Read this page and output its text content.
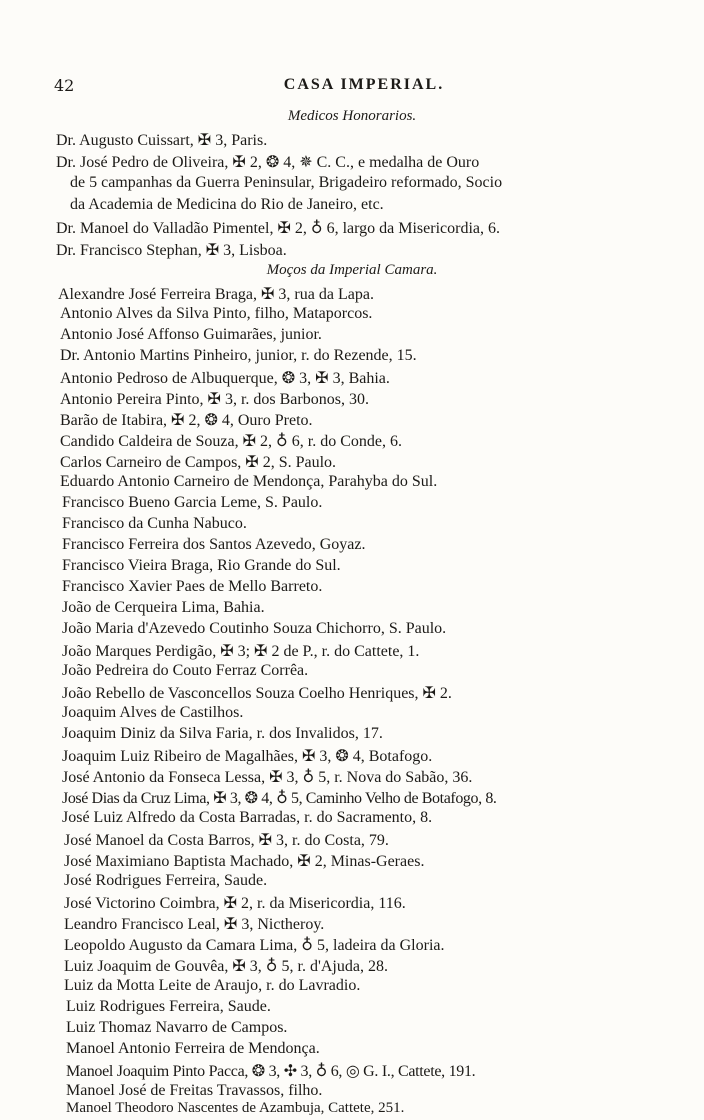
42	CASA IMPERIAL.
Medicos Honorarios.
Dr. Augusto Cuissart, ✠ 3, Paris.
Dr. José Pedro de Oliveira, ✠ 2, ❂ 4, ✵ C. C., e medalha de Ouro
de 5 campanhas da Guerra Peninsular, Brigadeiro reformado, Socio
da Academia de Medicina do Rio de Janeiro, etc.
Dr. Manoel do Valladão Pimentel, ✠ 2, ♁ 6, largo da Misericordia, 6.
Dr. Francisco Stephan, ✠ 3, Lisboa.
Moços da Imperial Camara.
Alexandre José Ferreira Braga, ✠ 3, rua da Lapa.
Antonio Alves da Silva Pinto, filho, Mataporcos.
Antonio José Affonso Guimarães, junior.
Dr. Antonio Martins Pinheiro, junior, r. do Rezende, 15.
Antonio Pedroso de Albuquerque, ❂ 3, ✠ 3, Bahia.
Antonio Pereira Pinto, ✠ 3, r. dos Barbonos, 30.
Barão de Itabira, ✠ 2, ❂ 4, Ouro Preto.
Candido Caldeira de Souza, ✠ 2, ♁ 6, r. do Conde, 6.
Carlos Carneiro de Campos, ✠ 2, S. Paulo.
Eduardo Antonio Carneiro de Mendonça, Parahyba do Sul.
Francisco Bueno Garcia Leme, S. Paulo.
Francisco da Cunha Nabuco.
Francisco Ferreira dos Santos Azevedo, Goyaz.
Francisco Vieira Braga, Rio Grande do Sul.
Francisco Xavier Paes de Mello Barreto.
João de Cerqueira Lima, Bahia.
João Maria d'Azevedo Coutinho Souza Chichorro, S. Paulo.
João Marques Perdigão, ✠ 3; ✠ 2 de P., r. do Cattete, 1.
João Pedreira do Couto Ferraz Corrêa.
João Rebello de Vasconcellos Souza Coelho Henriques, ✠ 2.
Joaquim Alves de Castilhos.
Joaquim Diniz da Silva Faria, r. dos Invalidos, 17.
Joaquim Luiz Ribeiro de Magalhães, ✠ 3, ❂ 4, Botafogo.
José Antonio da Fonseca Lessa, ✠ 3, ♁ 5, r. Nova do Sabão, 36.
José Dias da Cruz Lima, ✠ 3, ❂ 4, ♁ 5, Caminho Velho de Botafogo, 8.
José Luiz Alfredo da Costa Barradas, r. do Sacramento, 8.
José Manoel da Costa Barros, ✠ 3, r. do Costa, 79.
José Maximiano Baptista Machado, ✠ 2, Minas-Geraes.
José Rodrigues Ferreira, Saude.
José Victorino Coimbra, ✠ 2, r. da Misericordia, 116.
Leandro Francisco Leal, ✠ 3, Nictheroy.
Leopoldo Augusto da Camara Lima, ♁ 5, ladeira da Gloria.
Luiz Joaquim de Gouvêa, ✠ 3, ♁ 5, r. d'Ajuda, 28.
Luiz da Motta Leite de Araujo, r. do Lavradio.
Luiz Rodrigues Ferreira, Saude.
Luiz Thomaz Navarro de Campos.
Manoel Antonio Ferreira de Mendonça.
Manoel Joaquim Pinto Pacca, ❂ 3, ✣ 3, ♁ 6, ◎ G. I., Cattete, 191.
Manoel José de Freitas Travassos, filho.
Manoel Theodoro Nascentes de Azambuja, Cattete, 251.
